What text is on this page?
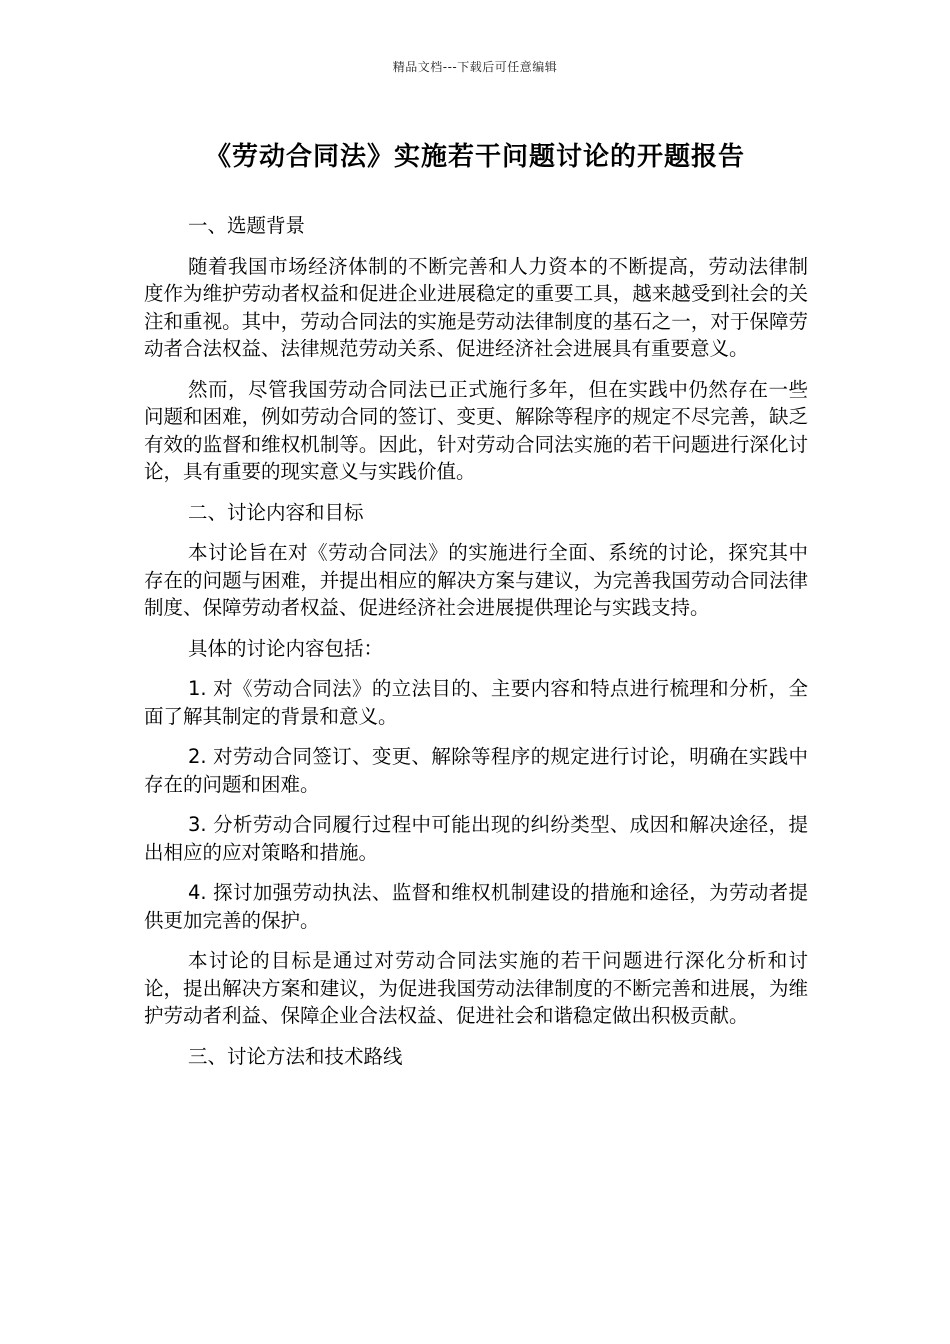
精品文档---下载后可任意编辑
《劳动合同法》实施若干问题讨论的开题报告

一、选题背景

随着我国市场经济体制的不断完善和人力资本的不断提高，劳动法律制度作为维护劳动者权益和促进企业进展稳定的重要工具，越来越受到社会的关注和重视。其中，劳动合同法的实施是劳动法律制度的基石之一，对于保障劳动者合法权益、法律规范劳动关系、促进经济社会进展具有重要意义。

然而，尽管我国劳动合同法已正式施行多年，但在实践中仍然存在一些问题和困难，例如劳动合同的签订、变更、解除等程序的规定不尽完善，缺乏有效的监督和维权机制等。因此，针对劳动合同法实施的若干问题进行深化讨论，具有重要的现实意义与实践价值。

二、讨论内容和目标

本讨论旨在对《劳动合同法》的实施进行全面、系统的讨论，探究其中存在的问题与困难，并提出相应的解决方案与建议，为完善我国劳动合同法律制度、保障劳动者权益、促进经济社会进展提供理论与实践支持。

具体的讨论内容包括：

1. 对《劳动合同法》的立法目的、主要内容和特点进行梳理和分析，全面了解其制定的背景和意义。

2. 对劳动合同签订、变更、解除等程序的规定进行讨论，明确在实践中存在的问题和困难。

3. 分析劳动合同履行过程中可能出现的纠纷类型、成因和解决途径，提出相应的应对策略和措施。

4. 探讨加强劳动执法、监督和维权机制建设的措施和途径，为劳动者提供更加完善的保护。

本讨论的目标是通过对劳动合同法实施的若干问题进行深化分析和讨论，提出解决方案和建议，为促进我国劳动法律制度的不断完善和进展，为维护劳动者利益、保障企业合法权益、促进社会和谐稳定做出积极贡献。

三、讨论方法和技术路线
